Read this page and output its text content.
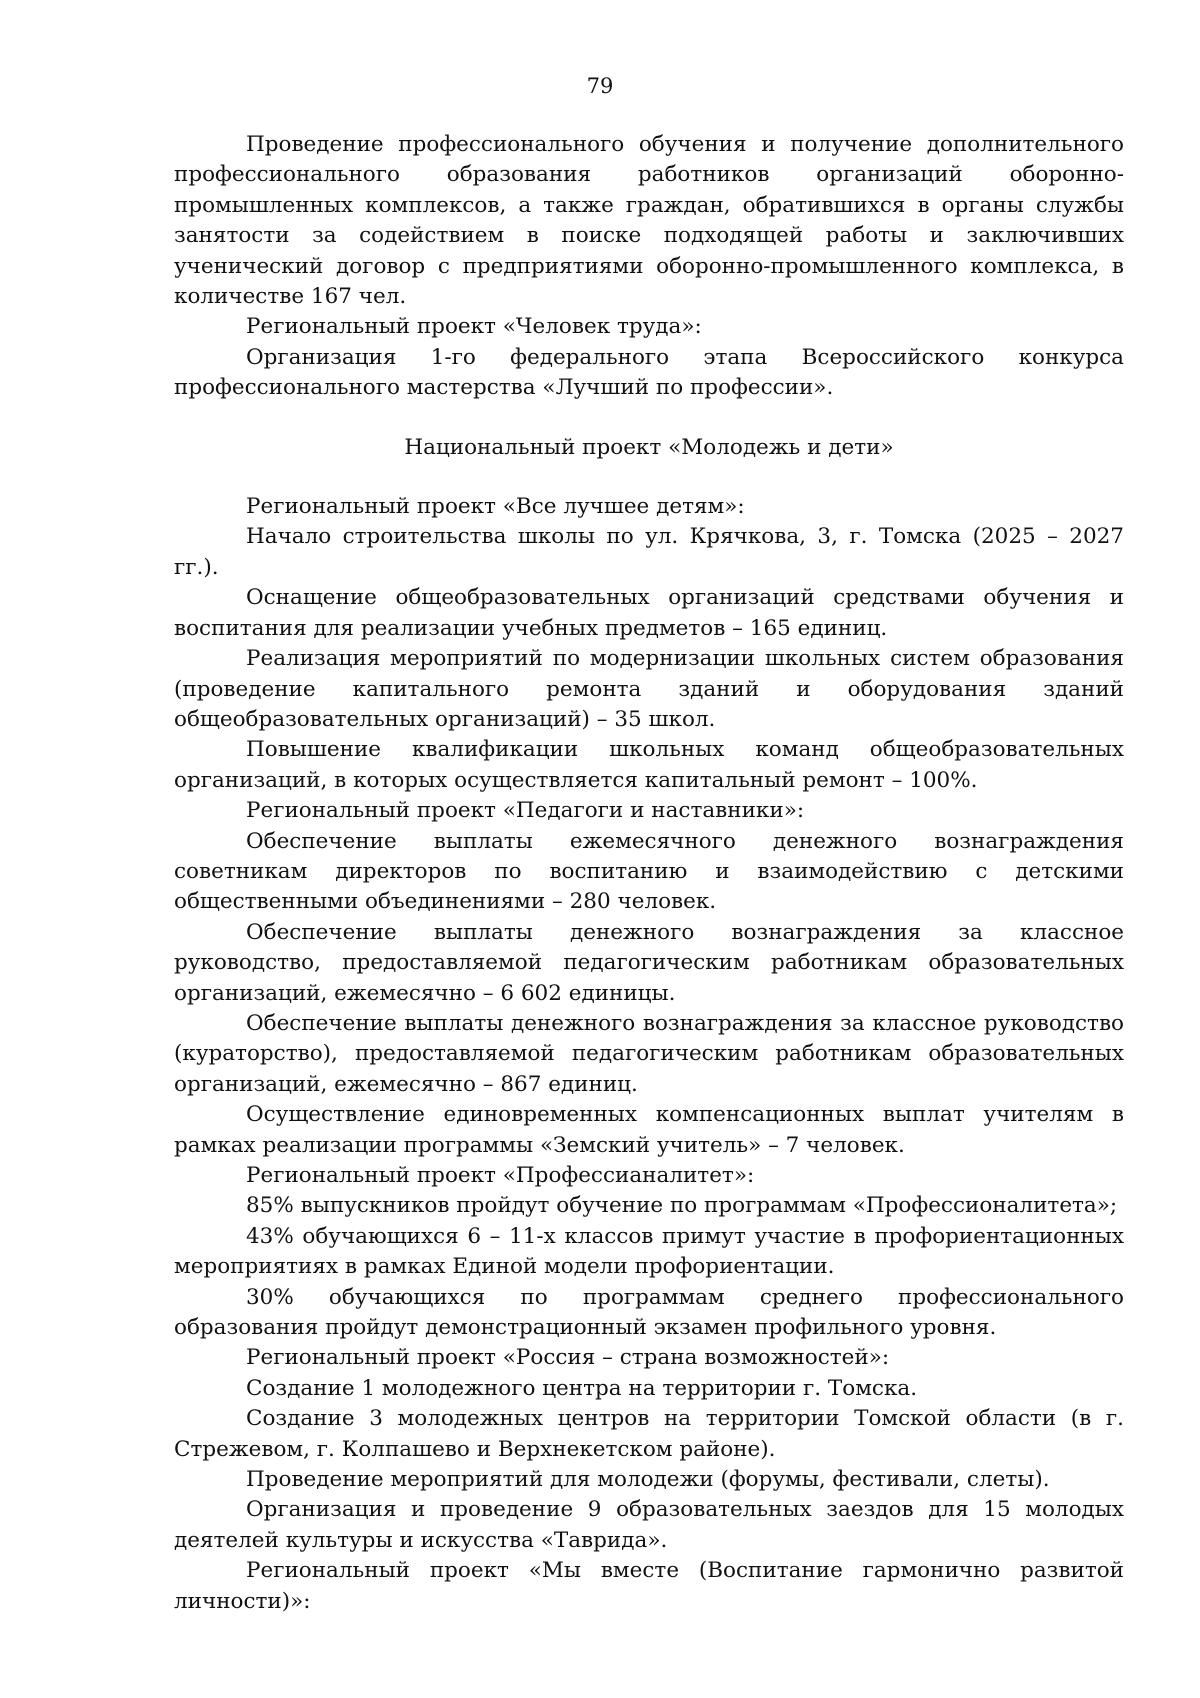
79
Проведение профессионального обучения и получение дополнительного профессионального образования работников организаций оборонно-промышленных комплексов, а также граждан, обратившихся в органы службы занятости за содействием в поиске подходящей работы и заключивших ученический договор с предприятиями оборонно-промышленного комплекса, в количестве 167 чел.
Региональный проект «Человек труда»:
Организация 1-го федерального этапа Всероссийского конкурса профессионального мастерства «Лучший по профессии».
Национальный проект «Молодежь и дети»
Региональный проект «Все лучшее детям»:
Начало строительства школы по ул. Крячкова, 3, г. Томска (2025 – 2027 гг.).
Оснащение общеобразовательных организаций средствами обучения и воспитания для реализации учебных предметов – 165 единиц.
Реализация мероприятий по модернизации школьных систем образования (проведение капитального ремонта зданий и оборудования зданий общеобразовательных организаций) – 35 школ.
Повышение квалификации школьных команд общеобразовательных организаций, в которых осуществляется капитальный ремонт – 100%.
Региональный проект «Педагоги и наставники»:
Обеспечение выплаты ежемесячного денежного вознаграждения советникам директоров по воспитанию и взаимодействию с детскими общественными объединениями – 280 человек.
Обеспечение выплаты денежного вознаграждения за классное руководство, предоставляемой педагогическим работникам образовательных организаций, ежемесячно – 6 602 единицы.
Обеспечение выплаты денежного вознаграждения за классное руководство (кураторство), предоставляемой педагогическим работникам образовательных организаций, ежемесячно – 867 единиц.
Осуществление единовременных компенсационных выплат учителям в рамках реализации программы «Земский учитель» – 7 человек.
Региональный проект «Профессианалитет»:
85% выпускников пройдут обучение по программам «Профессионалитета»;
43% обучающихся 6 – 11-х классов примут участие в профориентационных мероприятиях в рамках Единой модели профориентации.
30% обучающихся по программам среднего профессионального образования пройдут демонстрационный экзамен профильного уровня.
Региональный проект «Россия – страна возможностей»:
Создание 1 молодежного центра на территории г. Томска.
Создание 3 молодежных центров на территории Томской области (в г. Стрежевом, г. Колпашево и Верхнекетском районе).
Проведение мероприятий для молодежи (форумы, фестивали, слеты).
Организация и проведение 9 образовательных заездов для 15 молодых деятелей культуры и искусства «Таврида».
Региональный проект «Мы вместе (Воспитание гармонично развитой личности)»:
